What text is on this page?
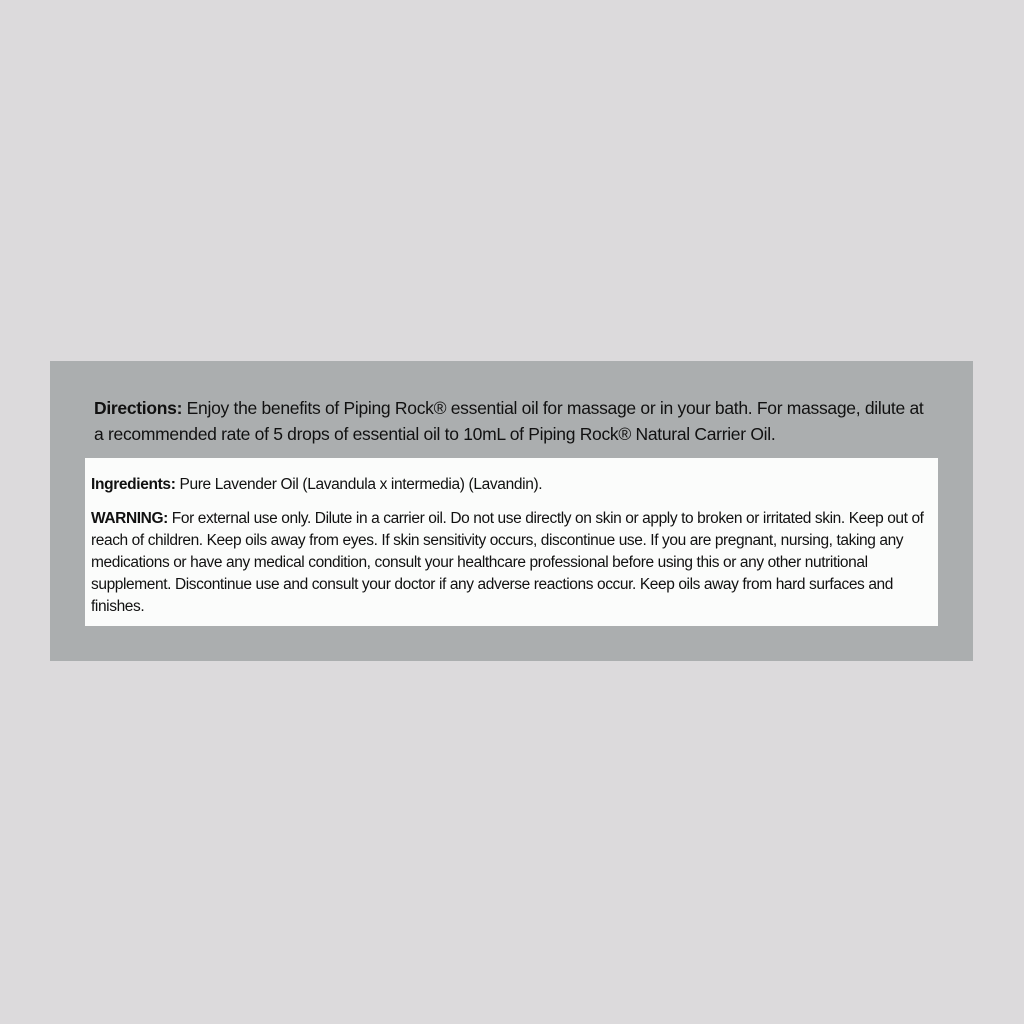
Directions: Enjoy the benefits of Piping Rock® essential oil for massage or in your bath. For massage, dilute at a recommended rate of 5 drops of essential oil to 10mL of Piping Rock® Natural Carrier Oil.

Ingredients: Pure Lavender Oil (Lavandula x intermedia) (Lavandin).

WARNING: For external use only. Dilute in a carrier oil. Do not use directly on skin or apply to broken or irritated skin. Keep out of reach of children. Keep oils away from eyes. If skin sensitivity occurs, discontinue use. If you are pregnant, nursing, taking any medications or have any medical condition, consult your healthcare professional before using this or any other nutritional supplement. Discontinue use and consult your doctor if any adverse reactions occur. Keep oils away from hard surfaces and finishes.
